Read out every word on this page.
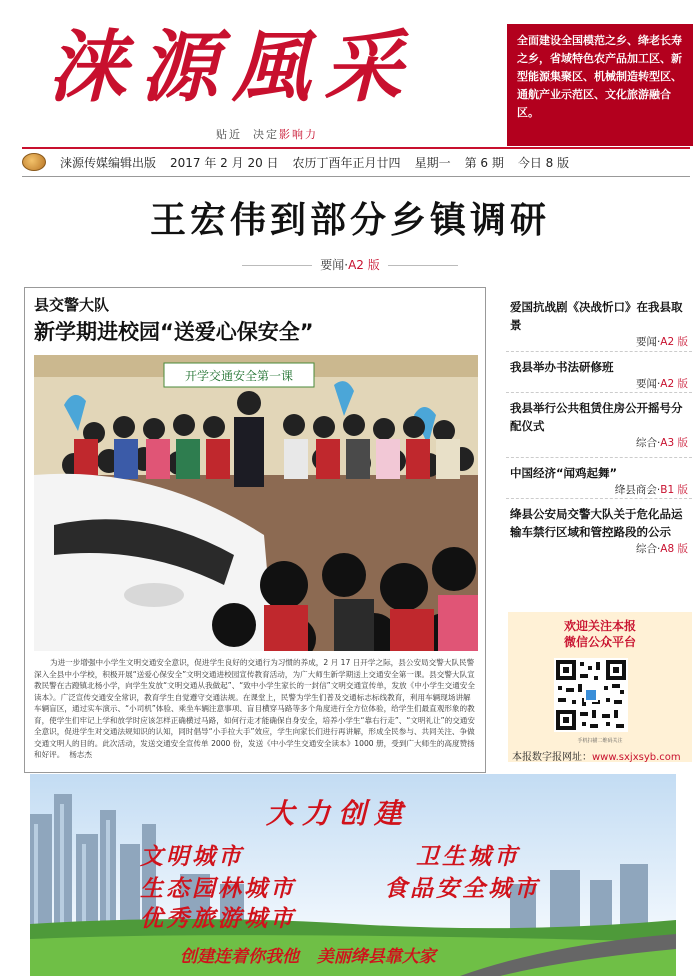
涞源風采
贴近 决定影响力
全面建设全国模范之乡、绛老长寿之乡，省域特色农产品加工区、新型能源集聚区、机械制造转型区、通航产业示范区、文化旅游融合区。
涞源传媒编辑出版 2017 年 2 月 20 日 农历丁酉年正月廿四 星期一 第 6 期 今日 8 版
王宏伟到部分乡镇调研
要闻·A2 版
县交警大队
新学期进校园“送爱心保安全”
开学交通安全第一课
为进一步增强中小学生文明交通安全意识，促进学生良好的交通行为习惯的养成，2 月 17 日开学之际，县公安局交警大队民警深入全县中小学校，积极开展“送爱心保安全”文明交通进校园宣传教育活动，为广大师生新学期送上交通安全第一课。县交警大队宣教民警在古蹬镇北杨小学，向学生发放“文明交通从我做起”、“致中小学生家长的一封信”文明交通宣传单，发放《中小学生交通安全读本》。广泛宣传交通安全常识，教育学生自觉遵守交通法规。在课堂上，民警为学生们普及交通标志标线教育，利用车辆现场讲解车辆盲区，通过实车演示、“小司机”体验、乘坐车辆注意事项、盲目横穿马路等多个角度进行全方位体验，给学生们最直观形象的教育，使学生们牢记上学和放学时应该怎样正确横过马路，如何行走才能确保自身安全，培养小学生“靠右行走”、“文明礼让”的交通安全意识，促进学生对交通法规知识的认知，同时倡导“小手拉大手”效应，学生向家长们进行再讲解，形成全民参与、共同关注、争做交通文明人的目的。此次活动，发送交通安全宣传单 2000 份，发送《中小学生交通安全读本》1000 册，受到广大师生的高度赞扬和好评。 杨志杰
爱国抗战剧《决战忻口》在我县取景
要闻·A2 版
我县举办书法研修班
要闻·A2 版
我县举行公共租赁住房公开摇号分配仪式
综合·A3 版
中国经济“闻鸡起舞”
绛县商会·B1 版
绛县公安局交警大队关于危化品运输车禁行区域和管控路段的公示
综合·A8 版
欢迎关注本报
微信公众平台
手机扫描二维码关注
本报数字报网址：www.sxjxsyb.com
大力创建
文明城市	卫生城市
生态园林城市	食品安全城市
优秀旅游城市
创建连着你我他   美丽绛县靠大家
